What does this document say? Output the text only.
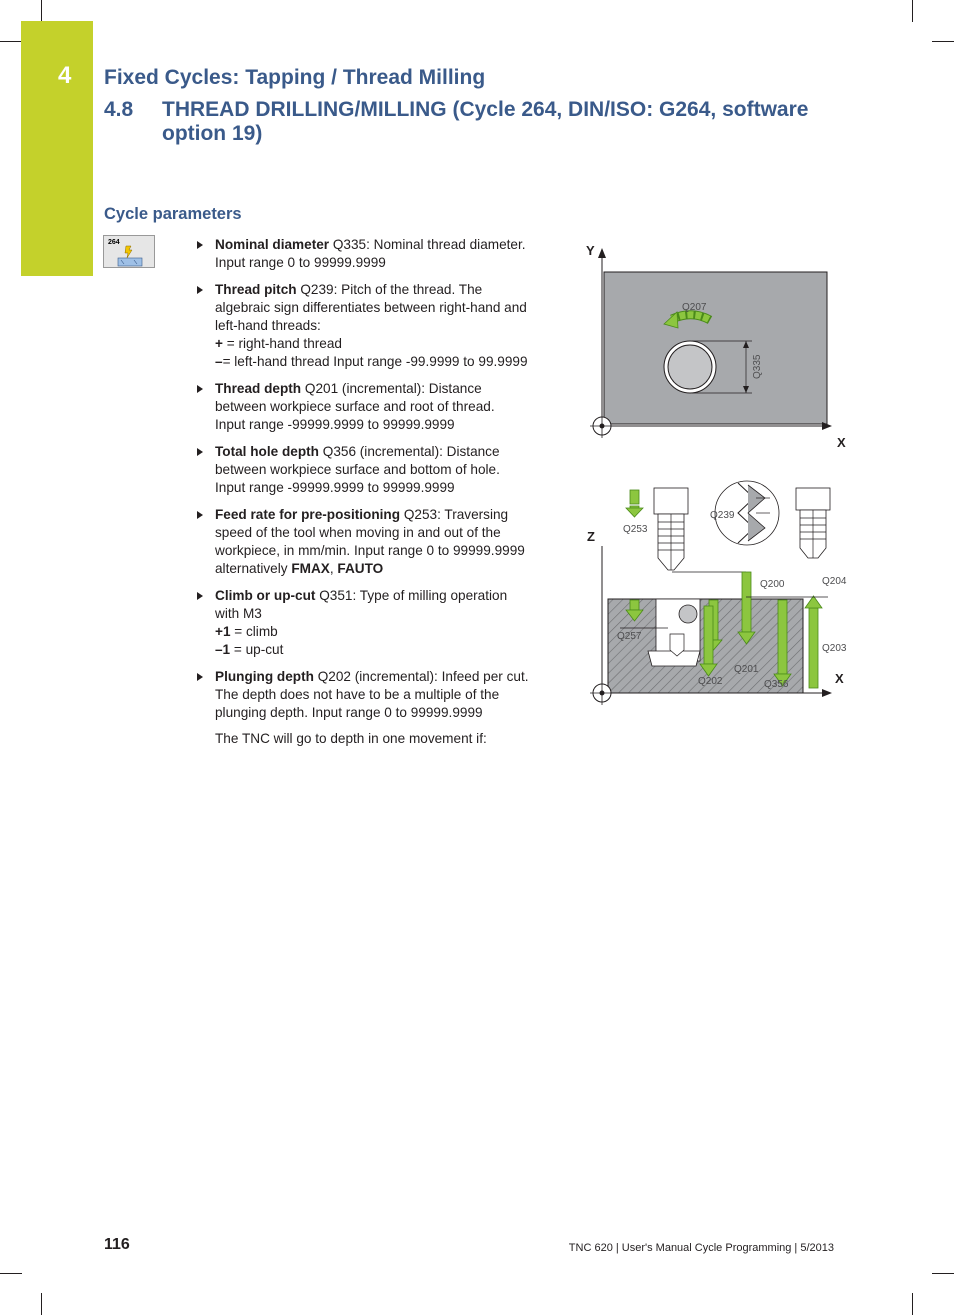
4 Fixed Cycles: Tapping / Thread Milling
4.8 THREAD DRILLING/MILLING (Cycle 264, DIN/ISO: G264, software option 19)
Cycle parameters
264	Nominal diameter Q335: Nominal thread diameter.
Input range 0 to 99999.9999
Thread pitch Q239: Pitch of the thread. The
algebraic sign differentiates between right-hand and
left-hand threads:
+ = right-hand thread
–= left-hand thread Input range -99.9999 to 99.9999
Thread depth Q201 (incremental): Distance
between workpiece surface and root of thread.
Input range -99999.9999 to 99999.9999
Total hole depth Q356 (incremental): Distance
between workpiece surface and bottom of hole.
Input range -99999.9999 to 99999.9999
Feed rate for pre-positioning Q253: Traversing
speed of the tool when moving in and out of the
workpiece, in mm/min. Input range 0 to 99999.9999
alternatively FMAX, FAUTO
Climb or up-cut Q351: Type of milling operation
with M3
+1 = climb
–1 = up-cut
Plunging depth Q202 (incremental): Infeed per cut.
The depth does not have to be a multiple of the
plunging depth. Input range 0 to 99999.9999
The TNC will go to depth in one movement if:
Y
X
Q335
Q207
Z
X
Q239
Q253
Q200	Q204
Q257
Q203
Q201
Q202	Q356
116	TNC 620 | User's Manual Cycle Programming | 5/2013
